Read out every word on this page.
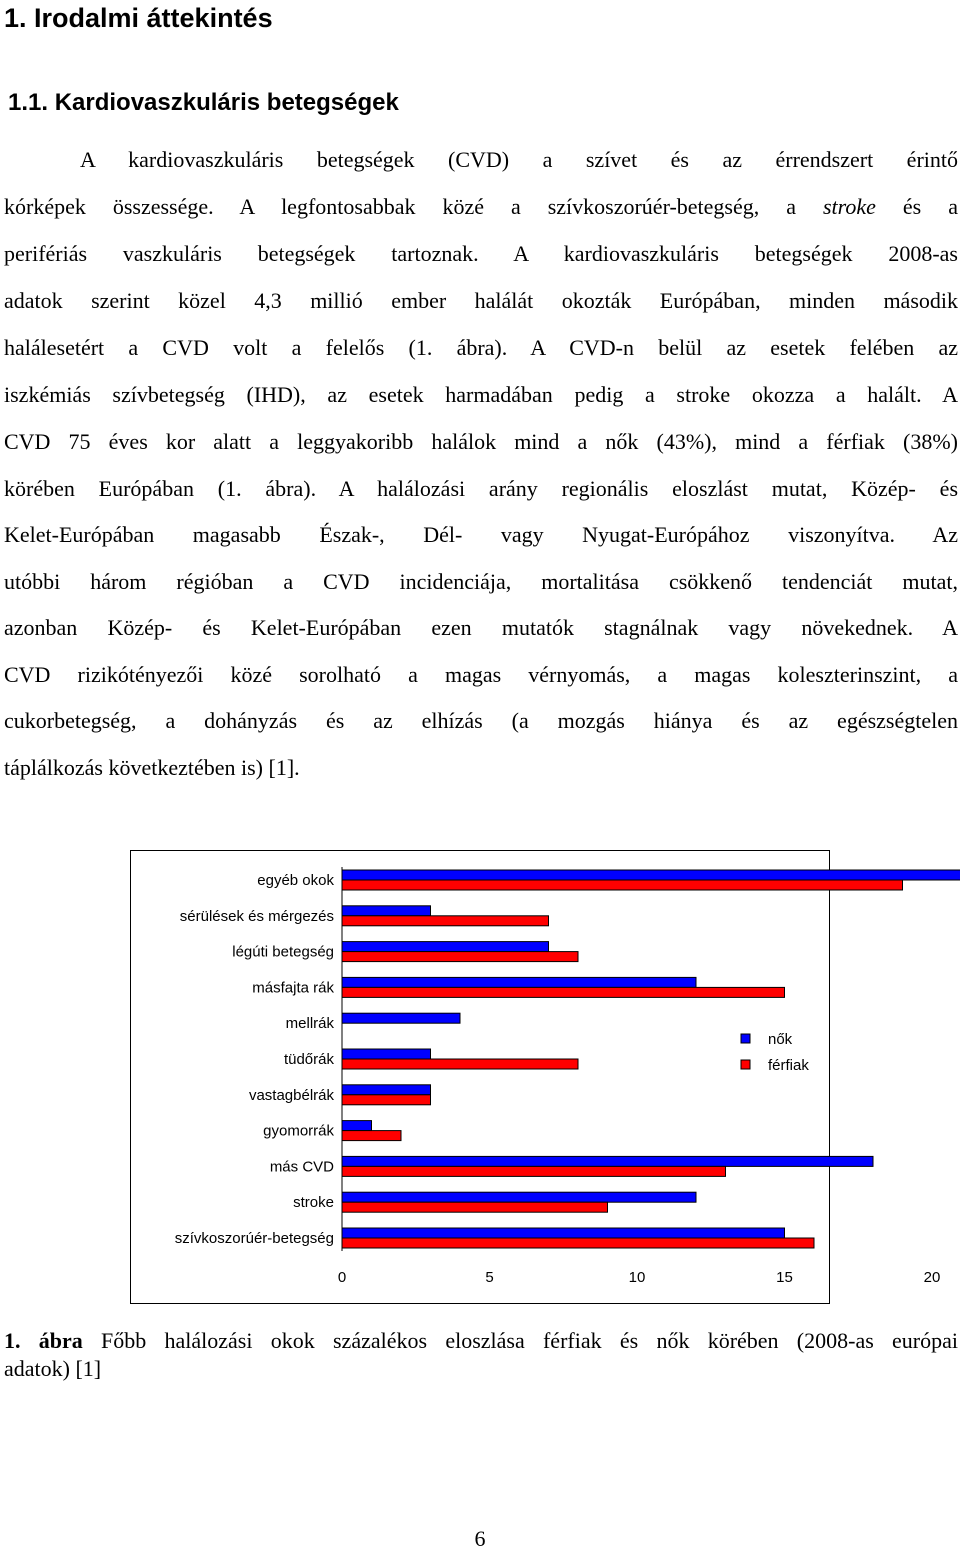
1. Irodalmi áttekintés
1.1. Kardiovaszkuláris betegségek
A kardiovaszkuláris betegségek (CVD) a szívet és az érrendszert érintő
kórképek összessége. A legfontosabbak közé a szívkoszorúér-betegség, a stroke és a
perifériás vaszkuláris betegségek tartoznak. A kardiovaszkuláris betegségek 2008-as
adatok szerint közel 4,3 millió ember halálát okozták Európában, minden második
halálesetért a CVD volt a felelős (1. ábra). A CVD-n belül az esetek felében az
iszkémiás szívbetegség (IHD), az esetek harmadában pedig a stroke okozza a halált. A
CVD 75 éves kor alatt a leggyakoribb halálok mind a nők (43%), mind a férfiak (38%)
körében Európában (1. ábra). A halálozási arány regionális eloszlást mutat, Közép- és
Kelet-Európában magasabb Észak-, Dél- vagy Nyugat-Európához viszonyítva. Az
utóbbi három régióban a CVD incidenciája, mortalitása csökkenő tendenciát mutat,
azonban Közép- és Kelet-Európában ezen mutatók stagnálnak vagy növekednek. A
CVD rizikótényezői közé sorolható a magas vérnyomás, a magas koleszterinszint, a
cukorbetegség, a dohányzás és az elhízás (a mozgás hiánya és az egészségtelen
táplálkozás következtében is) [1].
egyéb okok
sérülések és mérgezés
légúti betegség
másfajta rák
mellrák
tüdőrák
vastagbélrák
gyomorrák
más CVD
stroke
szívkoszorúér-betegség
0	5	10	15	20
nők
férfiak
1. ábra Főbb halálozási okok százalékos eloszlása férfiak és nők körében (2008-as európai
adatok) [1]
6
